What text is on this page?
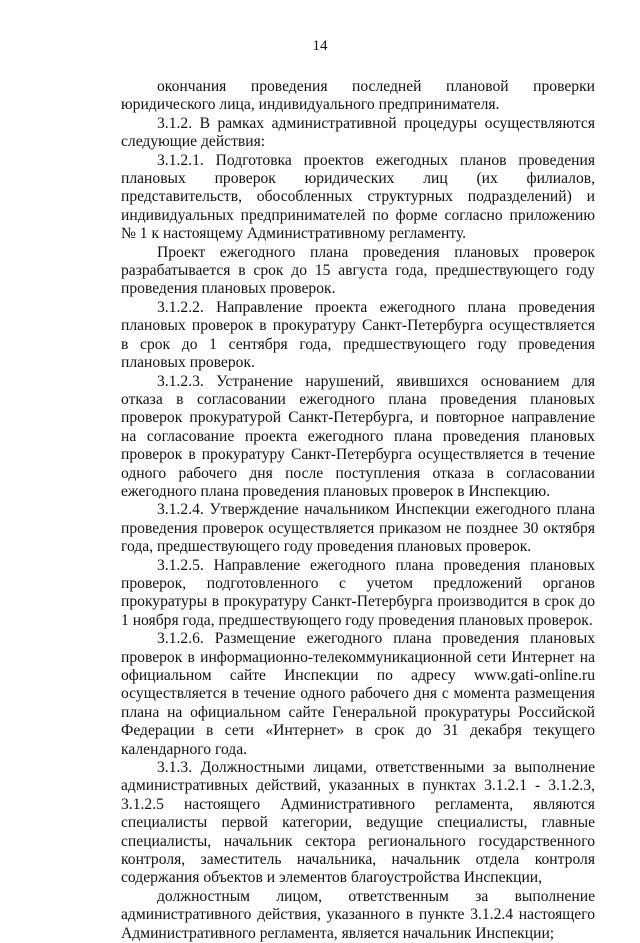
14

окончания проведения последней плановой проверки юридического лица, индивидуального предпринимателя.

3.1.2. В рамках административной процедуры осуществляются следующие действия:

3.1.2.1. Подготовка проектов ежегодных планов проведения плановых проверок юридических лиц (их филиалов, представительств, обособленных структурных подразделений) и индивидуальных предпринимателей по форме согласно приложению № 1 к настоящему Административному регламенту.

Проект ежегодного плана проведения плановых проверок разрабатывается в срок до 15 августа года, предшествующего году проведения плановых проверок.

3.1.2.2. Направление проекта ежегодного плана проведения плановых проверок в прокуратуру Санкт-Петербурга осуществляется в срок до 1 сентября года, предшествующего году проведения плановых проверок.

3.1.2.3. Устранение нарушений, явившихся основанием для отказа в согласовании ежегодного плана проведения плановых проверок прокуратурой Санкт-Петербурга, и повторное направление на согласование проекта ежегодного плана проведения плановых проверок в прокуратуру Санкт-Петербурга осуществляется в течение одного рабочего дня после поступления отказа в согласовании ежегодного плана проведения плановых проверок в Инспекцию.

3.1.2.4. Утверждение начальником Инспекции ежегодного плана проведения проверок осуществляется приказом не позднее 30 октября года, предшествующего году проведения плановых проверок.

3.1.2.5. Направление ежегодного плана проведения плановых проверок, подготовленного с учетом предложений органов прокуратуры в прокуратуру Санкт-Петербурга производится в срок до 1 ноября года, предшествующего году проведения плановых проверок.

3.1.2.6. Размещение ежегодного плана проведения плановых проверок в информационно-телекоммуникационной сети Интернет на официальном сайте Инспекции по адресу www.gati-online.ru осуществляется в течение одного рабочего дня с момента размещения плана на официальном сайте Генеральной прокуратуры Российской Федерации в сети «Интернет» в срок до 31 декабря текущего календарного года.

3.1.3. Должностными лицами, ответственными за выполнение административных действий, указанных в пунктах 3.1.2.1 - 3.1.2.3, 3.1.2.5 настоящего Административного регламента, являются специалисты первой категории, ведущие специалисты, главные специалисты, начальник сектора регионального государственного контроля, заместитель начальника, начальник отдела контроля содержания объектов и элементов благоустройства Инспекции,

должностным лицом, ответственным за выполнение административного действия, указанного в пункте 3.1.2.4 настоящего Административного регламента, является начальник Инспекции;
